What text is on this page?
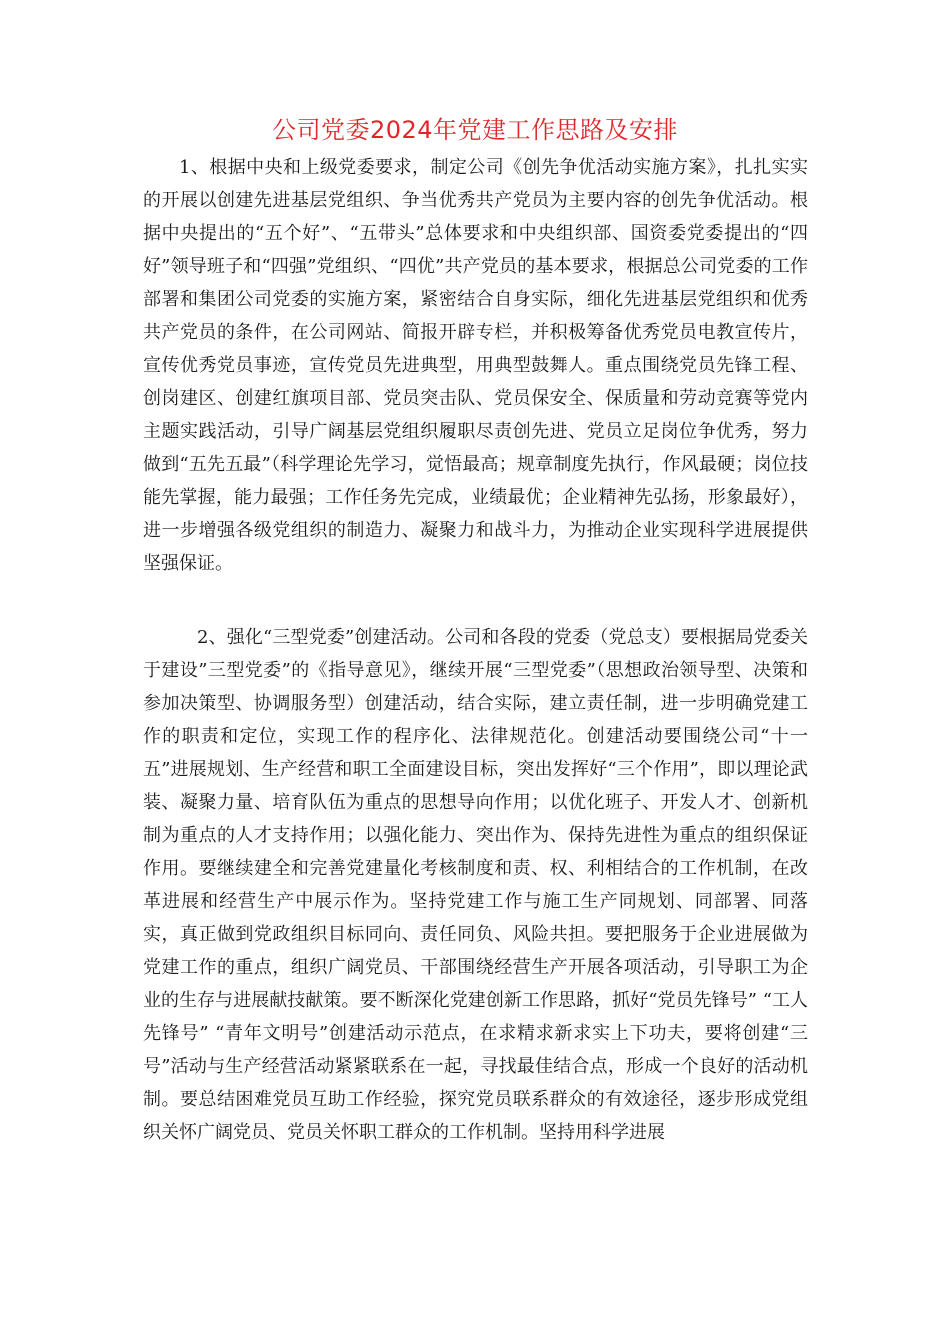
公司党委2024年党建工作思路及安排

1、根据中央和上级党委要求，制定公司《创先争优活动实施方案》，扎扎实实的开展以创建先进基层党组织、争当优秀共产党员为主要内容的创先争优活动。根据中央提出的“五个好”、“五带头”总体要求和中央组织部、国资委党委提出的“四好”领导班子和“四强”党组织、“四优”共产党员的基本要求，根据总公司党委的工作部署和集团公司党委的实施方案，紧密结合自身实际，细化先进基层党组织和优秀共产党员的条件，在公司网站、简报开辟专栏，并积极筹备优秀党员电教宣传片，宣传优秀党员事迹，宣传党员先进典型，用典型鼓舞人。重点围绕党员先锋工程、创岗建区、创建红旗项目部、党员突击队、党员保安全、保质量和劳动竞赛等党内主题实践活动，引导广阔基层党组织履职尽责创先进、党员立足岗位争优秀，努力做到“五先五最”（科学理论先学习，觉悟最高；规章制度先执行，作风最硬；岗位技能先掌握，能力最强；工作任务先完成，业绩最优；企业精神先弘扬，形象最好），进一步增强各级党组织的制造力、凝聚力和战斗力，为推动企业实现科学进展提供坚强保证。

2、强化“三型党委”创建活动。公司和各段的党委（党总支）要根据局党委关于建设”三型党委”的《指导意见》，继续开展“三型党委”（思想政治领导型、决策和参加决策型、协调服务型）创建活动，结合实际，建立责任制，进一步明确党建工作的职责和定位，实现工作的程序化、法律规范化。创建活动要围绕公司“十一五”进展规划、生产经营和职工全面建设目标，突出发挥好“三个作用”，即以理论武装、凝聚力量、培育队伍为重点的思想导向作用；以优化班子、开发人才、创新机制为重点的人才支持作用；以强化能力、突出作为、保持先进性为重点的组织保证作用。要继续建全和完善党建量化考核制度和责、权、利相结合的工作机制，在改革进展和经营生产中展示作为。坚持党建工作与施工生产同规划、同部署、同落实，真正做到党政组织目标同向、责任同负、风险共担。要把服务于企业进展做为党建工作的重点，组织广阔党员、干部围绕经营生产开展各项活动，引导职工为企业的生存与进展献技献策。要不断深化党建创新工作思路，抓好“党员先锋号” “工人先锋号” “青年文明号”创建活动示范点，在求精求新求实上下功夫，要将创建“三号”活动与生产经营活动紧紧联系在一起，寻找最佳结合点，形成一个良好的活动机制。要总结困难党员互助工作经验，探究党员联系群众的有效途径，逐步形成党组织关怀广阔党员、党员关怀职工群众的工作机制。坚持用科学进展
